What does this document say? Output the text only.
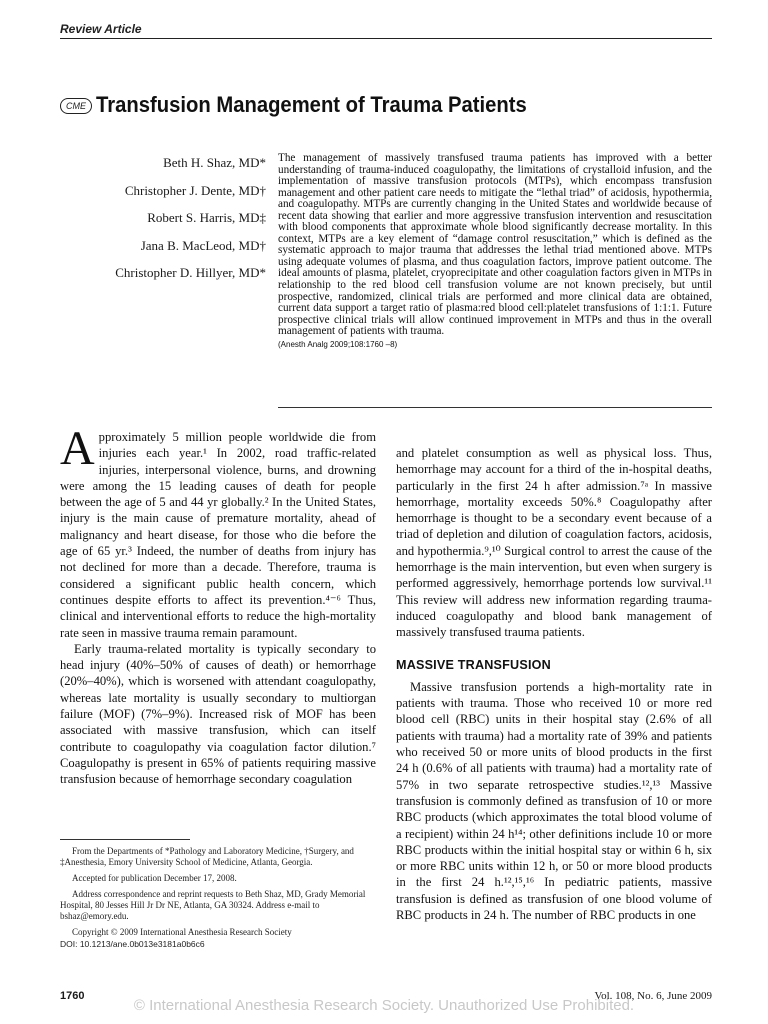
Review Article
CME Transfusion Management of Trauma Patients
Beth H. Shaz, MD*
Christopher J. Dente, MD†
Robert S. Harris, MD‡
Jana B. MacLeod, MD†
Christopher D. Hillyer, MD*
The management of massively transfused trauma patients has improved with a better understanding of trauma-induced coagulopathy, the limitations of crystalloid infusion, and the implementation of massive transfusion protocols (MTPs), which encompass transfusion management and other patient care needs to mitigate the “lethal triad” of acidosis, hypothermia, and coagulopathy. MTPs are currently changing in the United States and worldwide because of recent data showing that earlier and more aggressive transfusion intervention and resuscitation with blood components that approximate whole blood significantly decrease mortality. In this context, MTPs are a key element of “damage control resuscitation,” which is defined as the systematic approach to major trauma that addresses the lethal triad mentioned above. MTPs using adequate volumes of plasma, and thus coagulation factors, improve patient outcome. The ideal amounts of plasma, platelet, cryoprecipitate and other coagulation factors given in MTPs in relationship to the red blood cell transfusion volume are not known precisely, but until prospective, randomized, clinical trials are performed and more clinical data are obtained, current data support a target ratio of plasma:red blood cell:platelet transfusions of 1:1:1. Future prospective clinical trials will allow continued improvement in MTPs and thus in the overall management of patients with trauma.
(Anesth Analg 2009;108:1760 –8)

Approximately 5 million people worldwide die from injuries each year.¹ In 2002, road traffic-related injuries, interpersonal violence, burns, and drowning were among the 15 leading causes of death for people between the age of 5 and 44 yr globally.² In the United States, injury is the main cause of premature mortality, ahead of malignancy and heart disease, for those who die before the age of 65 yr.³ Indeed, the number of deaths from injury has not declined for more than a decade. Therefore, trauma is considered a significant public health concern, which continues despite efforts to affect its prevention.⁴⁻⁶ Thus, clinical and interventional efforts to reduce the high-mortality rate seen in massive trauma remain paramount.

Early trauma-related mortality is typically secondary to head injury (40%–50% of causes of death) or hemorrhage (20%–40%), which is worsened with attendant coagulopathy, whereas late mortality is usually secondary to multiorgan failure (MOF) (7%–9%). Increased risk of MOF has been associated with massive transfusion, which can itself contribute to coagulopathy via coagulation factor dilution.⁷ Coagulopathy is present in 65% of patients requiring massive transfusion because of hemorrhage secondary coagulation

From the Departments of *Pathology and Laboratory Medicine, †Surgery, and ‡Anesthesia, Emory University School of Medicine, Atlanta, Georgia.

Accepted for publication December 17, 2008.

Address correspondence and reprint requests to Beth Shaz, MD, Grady Memorial Hospital, 80 Jesses Hill Jr Dr NE, Atlanta, GA 30324. Address e-mail to bshaz@emory.edu.

Copyright © 2009 International Anesthesia Research Society

DOI: 10.1213/ane.0b013e3181a0b6c6

and platelet consumption as well as physical loss. Thus, hemorrhage may account for a third of the in-hospital deaths, particularly in the first 24 h after admission.⁷ᵃ In massive hemorrhage, mortality exceeds 50%.⁸ Coagulopathy after hemorrhage is thought to be a secondary event because of a triad of depletion and dilution of coagulation factors, acidosis, and hypothermia.⁹,¹⁰ Surgical control to arrest the cause of the hemorrhage is the main intervention, but even when surgery is performed aggressively, hemorrhage portends low survival.¹¹ This review will address new information regarding trauma-induced coagulopathy and blood bank management of massively transfused trauma patients.

MASSIVE TRANSFUSION

Massive transfusion portends a high-mortality rate in patients with trauma. Those who received 10 or more red blood cell (RBC) units in their hospital stay (2.6% of all patients with trauma) had a mortality rate of 39% and patients who received 50 or more units of blood products in the first 24 h (0.6% of all patients with trauma) had a mortality rate of 57% in two separate retrospective studies.¹²,¹³ Massive transfusion is commonly defined as transfusion of 10 or more RBC products (which approximates the total blood volume of a recipient) within 24 h¹⁴; other definitions include 10 or more RBC products within the initial hospital stay or within 6 h, six or more RBC units within 12 h, or 50 or more blood products in the first 24 h.¹²,¹⁵,¹⁶ In pediatric patients, massive transfusion is defined as transfusion of one blood volume of RBC products in 24 h. The number of RBC products in one

1760	Vol. 108, No. 6, June 2009
© International Anesthesia Research Society. Unauthorized Use Prohibited.
